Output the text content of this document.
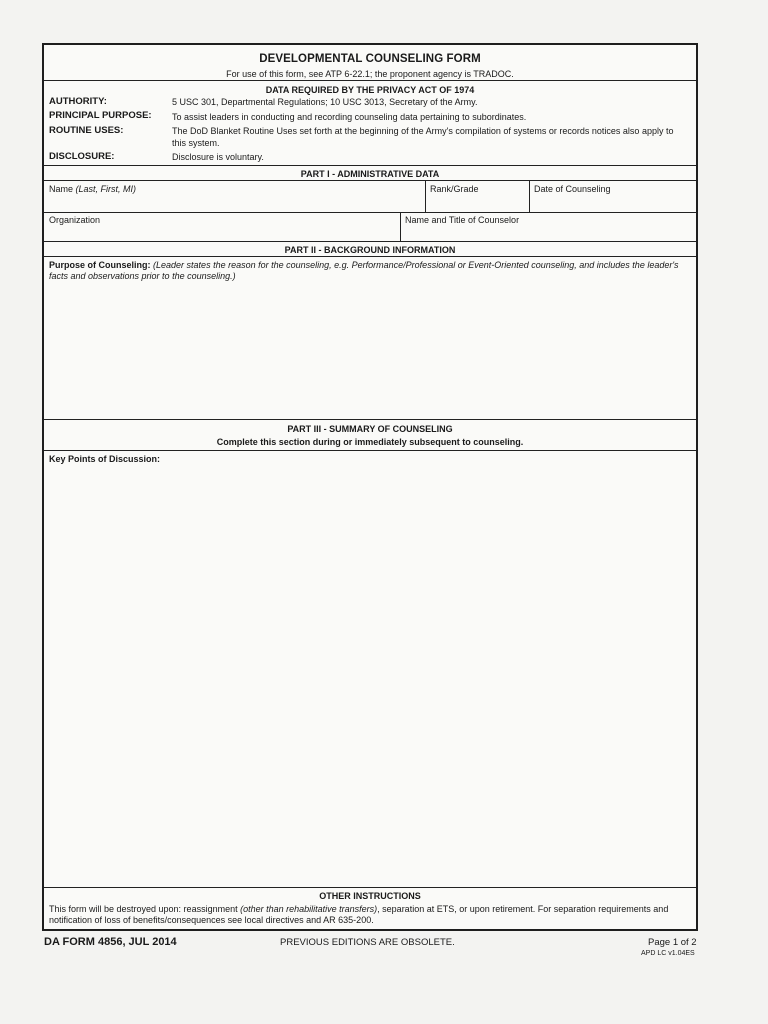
DEVELOPMENTAL COUNSELING FORM
For use of this form, see ATP 6-22.1; the proponent agency is TRADOC.
DATA REQUIRED BY THE PRIVACY ACT OF 1974
AUTHORITY:	5 USC 301, Departmental Regulations; 10 USC 3013, Secretary of the Army.
PRINCIPAL PURPOSE: To assist leaders in conducting and recording counseling data pertaining to subordinates.
ROUTINE USES:	The DoD Blanket Routine Uses set forth at the beginning of the Army's compilation of systems or records notices also apply to this system.
DISCLOSURE:	Disclosure is voluntary.
PART I - ADMINISTRATIVE DATA
Name (Last, First, MI)	Rank/Grade	Date of Counseling
Organization	Name and Title of Counselor
PART II - BACKGROUND INFORMATION
Purpose of Counseling: (Leader states the reason for the counseling, e.g. Performance/Professional or Event-Oriented counseling, and includes the leader's facts and observations prior to the counseling.)
PART III - SUMMARY OF COUNSELING
Complete this section during or immediately subsequent to counseling.
Key Points of Discussion:
OTHER INSTRUCTIONS
This form will be destroyed upon: reassignment (other than rehabilitative transfers), separation at ETS, or upon retirement. For separation requirements and notification of loss of benefits/consequences see local directives and AR 635-200.
DA FORM 4856, JUL 2014	PREVIOUS EDITIONS ARE OBSOLETE.	Page 1 of 2
APD LC v1.04ES
